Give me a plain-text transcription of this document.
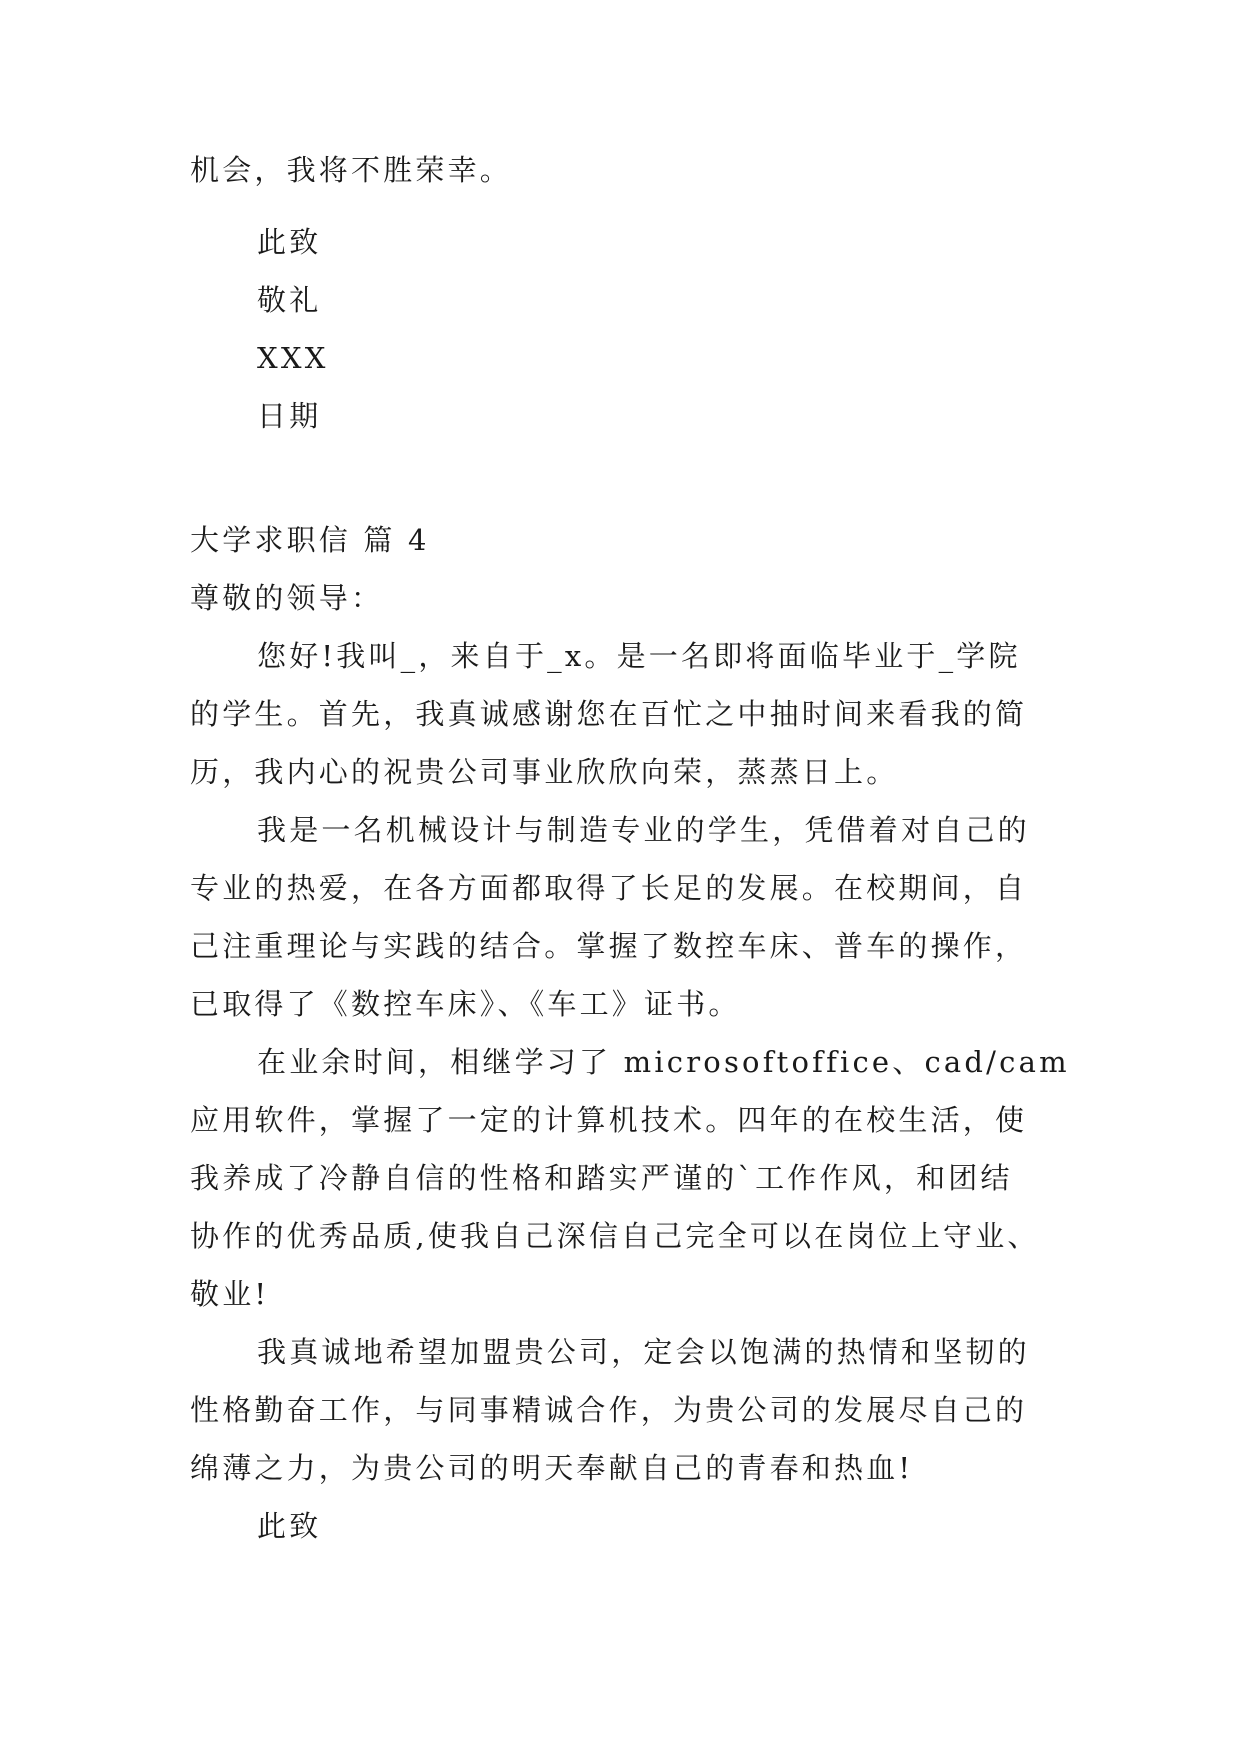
机会，我将不胜荣幸。
此致
敬礼
XXX
日期
大学求职信 篇 4
尊敬的领导：
您好!我叫_，来自于_x。是一名即将面临毕业于_学院
的学生。首先，我真诚感谢您在百忙之中抽时间来看我的简
历，我内心的祝贵公司事业欣欣向荣，蒸蒸日上。
我是一名机械设计与制造专业的学生，凭借着对自己的
专业的热爱，在各方面都取得了长足的发展。在校期间，自
己注重理论与实践的结合。掌握了数控车床、普车的操作，
已取得了《数控车床》、《车工》证书。
在业余时间，相继学习了 microsoftoffice、cad/cam
应用软件，掌握了一定的计算机技术。四年的在校生活，使
我养成了冷静自信的性格和踏实严谨的`工作作风，和团结
协作的优秀品质,使我自己深信自己完全可以在岗位上守业、
敬业!
我真诚地希望加盟贵公司，定会以饱满的热情和坚韧的
性格勤奋工作，与同事精诚合作，为贵公司的发展尽自己的
绵薄之力，为贵公司的明天奉献自己的青春和热血!
此致
